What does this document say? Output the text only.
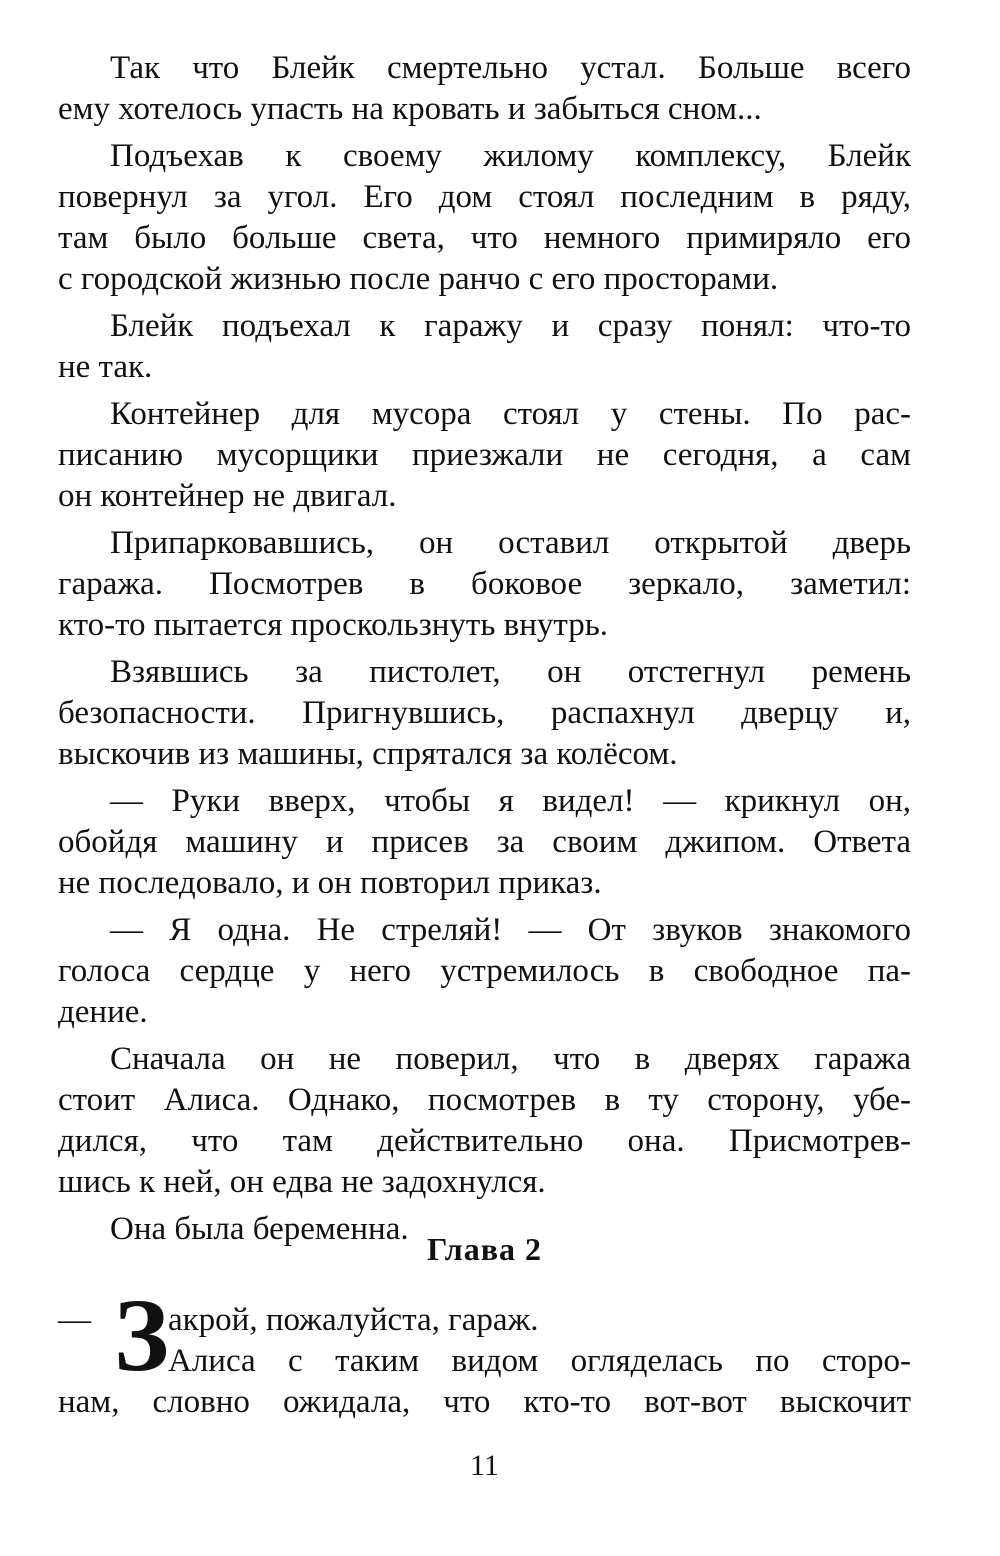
Так что Блейк смертельно устал. Больше всего
ему хотелось упасть на кровать и забыться сном...

Подъехав к своему жилому комплексу, Блейк
повернул за угол. Его дом стоял последним в ряду,
там было больше света, что немного примиряло его
с городской жизнью после ранчо с его просторами.

Блейк подъехал к гаражу и сразу понял: что-то
не так.

Контейнер для мусора стоял у стены. По рас-
писанию мусорщики приезжали не сегодня, а сам
он контейнер не двигал.

Припарковавшись, он оставил открытой дверь
гаража. Посмотрев в боковое зеркало, заметил:
кто-то пытается проскользнуть внутрь.

Взявшись за пистолет, он отстегнул ремень
безопасности. Пригнувшись, распахнул дверцу и,
выскочив из машины, спрятался за колёсом.

— Руки вверх, чтобы я видел! — крикнул он,
обойдя машину и присев за своим джипом. Ответа
не последовало, и он повторил приказ.

— Я одна. Не стреляй! — От звуков знакомого
голоса сердце у него устремилось в свободное па-
дение.

Сначала он не поверил, что в дверях гаража
стоит Алиса. Однако, посмотрев в ту сторону, убе-
дился, что там действительно она. Присмотрев-
шись к ней, он едва не задохнулся.

Она была беременна.

Глава 2
— З акрой, пожалуйста, гараж.
Алиса с таким видом огляделась по сторо-
нам, словно ожидала, что кто-то вот-вот выскочит
11
